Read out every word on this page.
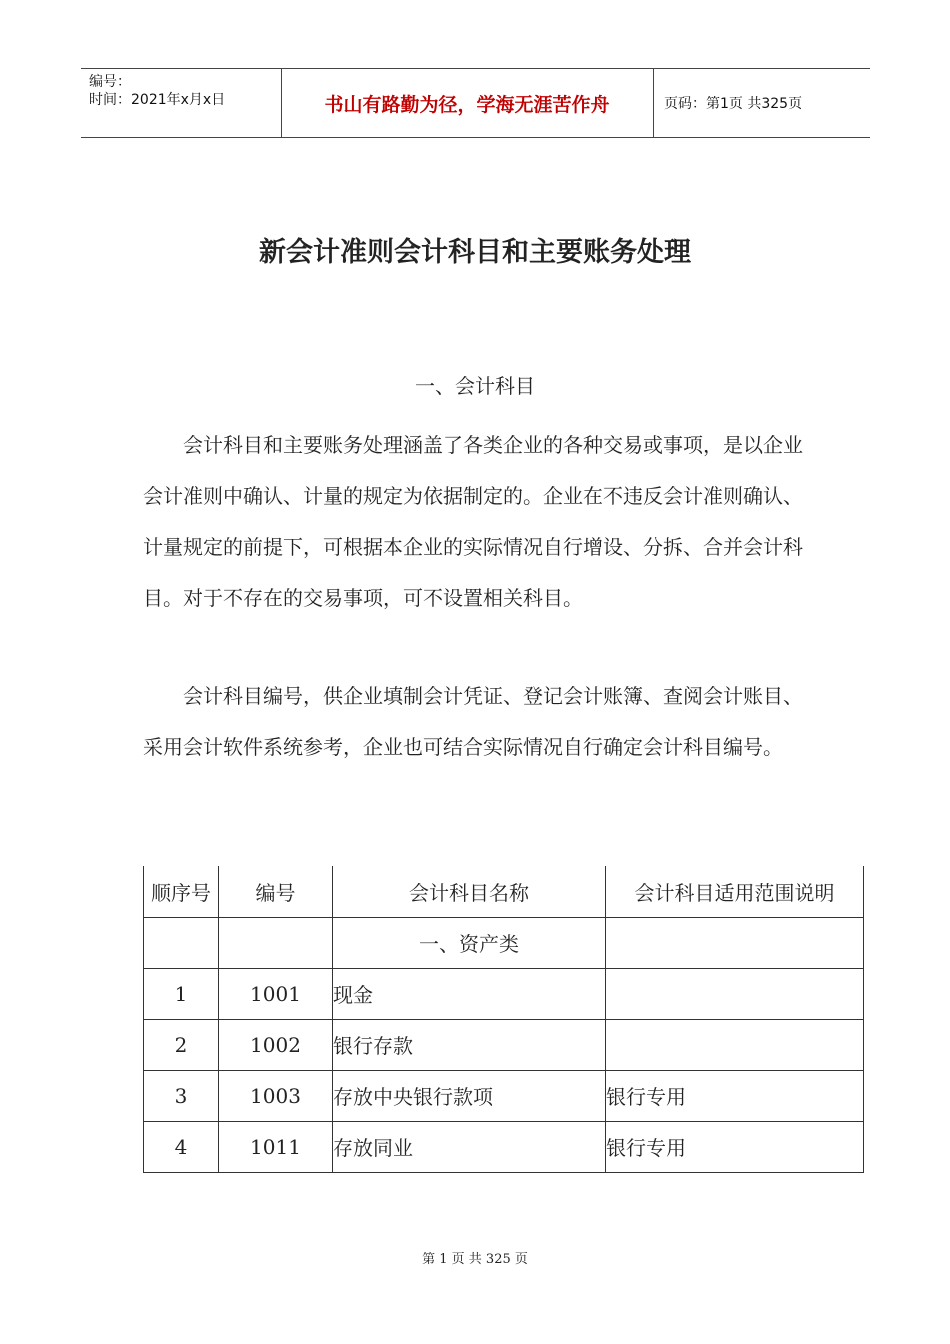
编号：
时间：2021年x月x日	书山有路勤为径，学海无涯苦作舟	页码：第1页 共325页
新会计准则会计科目和主要账务处理
一、会计科目

会计科目和主要账务处理涵盖了各类企业的各种交易或事项，是以企业会计准则中确认、计量的规定为依据制定的。企业在不违反会计准则确认、计量规定的前提下，可根据本企业的实际情况自行增设、分拆、合并会计科目。对于不存在的交易事项，可不设置相关科目。

会计科目编号，供企业填制会计凭证、登记会计账簿、查阅会计账目、采用会计软件系统参考，企业也可结合实际情况自行确定会计科目编号。

顺序号	编号	会计科目名称	会计科目适用范围说明
		一、资产类	
1	1001	现金	
2	1002	银行存款	
3	1003	存放中央银行款项	银行专用
4	1011	存放同业	银行专用
第 1 页 共 325 页
